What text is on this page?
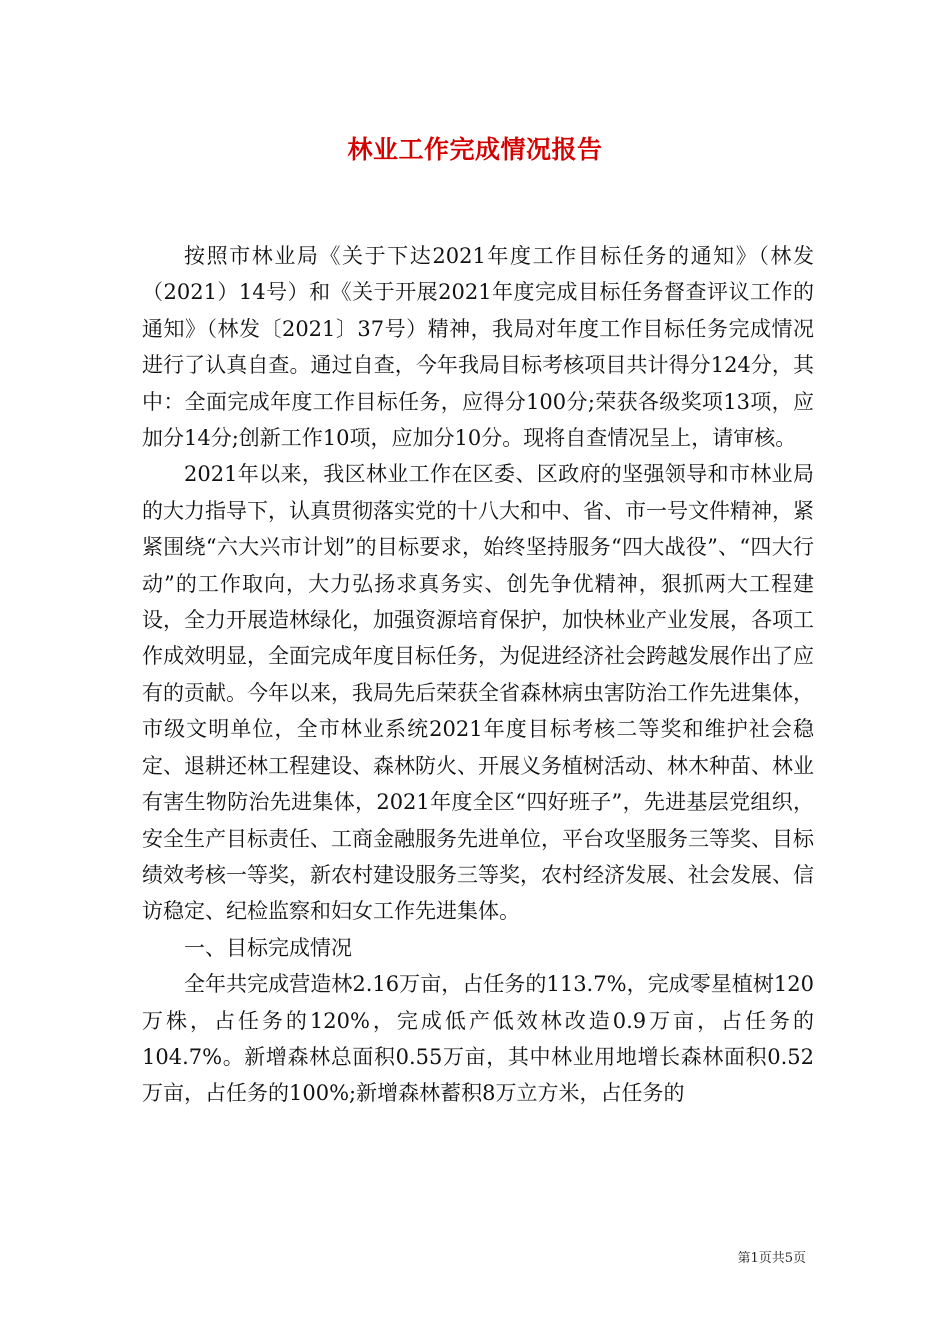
林业工作完成情况报告

按照市林业局《关于下达2021年度工作目标任务的通知》（林发（2021）14号）和《关于开展2021年度完成目标任务督查评议工作的通知》（林发〔2021〕37号）精神，我局对年度工作目标任务完成情况进行了认真自查。通过自查，今年我局目标考核项目共计得分124分，其中：全面完成年度工作目标任务，应得分100分;荣获各级奖项13项，应加分14分;创新工作10项，应加分10分。现将自查情况呈上，请审核。

2021年以来，我区林业工作在区委、区政府的坚强领导和市林业局的大力指导下，认真贯彻落实党的十八大和中、省、市一号文件精神，紧紧围绕“六大兴市计划”的目标要求，始终坚持服务“四大战役”、“四大行动”的工作取向，大力弘扬求真务实、创先争优精神，狠抓两大工程建设，全力开展造林绿化，加强资源培育保护，加快林业产业发展，各项工作成效明显，全面完成年度目标任务，为促进经济社会跨越发展作出了应有的贡献。今年以来，我局先后荣获全省森林病虫害防治工作先进集体，市级文明单位，全市林业系统2021年度目标考核二等奖和维护社会稳定、退耕还林工程建设、森林防火、开展义务植树活动、林木种苗、林业有害生物防治先进集体，2021年度全区“四好班子”，先进基层党组织，安全生产目标责任、工商金融服务先进单位，平台攻坚服务三等奖、目标绩效考核一等奖，新农村建设服务三等奖，农村经济发展、社会发展、信访稳定、纪检监察和妇女工作先进集体。

一、目标完成情况

全年共完成营造林2.16万亩，占任务的113.7%，完成零星植树120万株，占任务的120%，完成低产低效林改造0.9万亩，占任务的104.7%。新增森林总面积0.55万亩，其中林业用地增长森林面积0.52万亩，占任务的100%;新增森林蓄积8万立方米，占任务的

第1页共5页
